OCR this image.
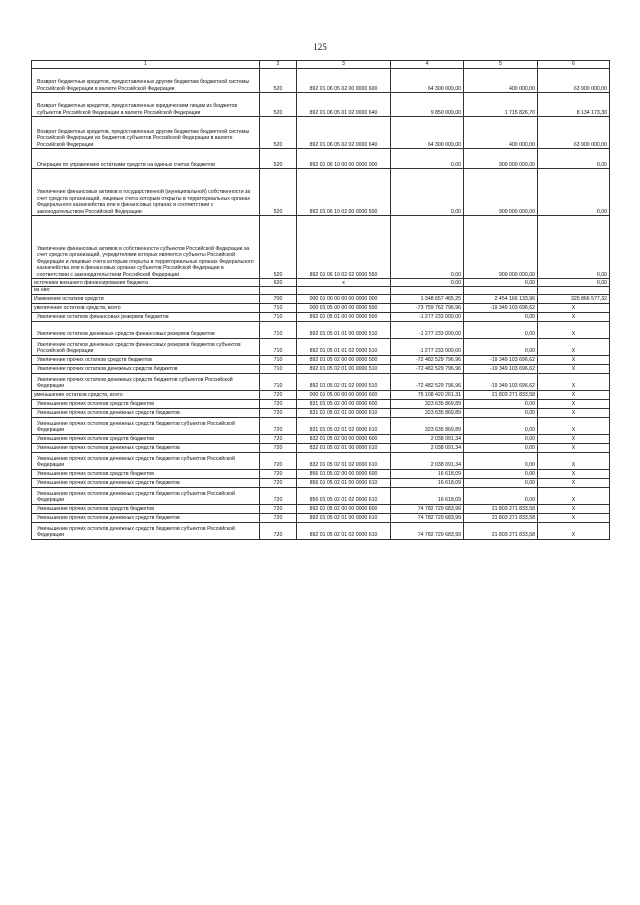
125
1	2	3	4	5	6
Возврат бюджетных кредитов, предоставленных другим бюджетам бюджетной системы Российской Федерации в валюте Российской Федерации	520	892 01 06 05 02 00 0000 600	64 300 000,00	400 000,00	63 900 000,00
Возврат бюджетных кредитов, предоставленных юридическим лицам из бюджетов субъектов Российской Федерации в валюте Российской Федерации	520	892 01 06 05 01 02 0000 640	9 850 000,00	1 715 826,70	8 134 173,30
Возврат бюджетных кредитов, предоставленных другим бюджетам бюджетной системы Российской Федерации из бюджетов субъектов Российской Федерации в валюте Российской Федерации	520	892 01 06 05 02 02 0000 640	64 300 000,00	400 000,00	63 900 000,00
Операции по управлению остатками средств на единых счетах бюджетов	520	892 01 06 10 00 00 0000 000	0,00	900 000 000,00	0,00
Увеличение финансовых активов в государственной (муниципальной) собственности за счет средств организаций, лицевые счета которым открыты в территориальных органах Федерального казначейства или в финансовых органах в соответствии с законодательством Российской Федерации	520	892 01 06 10 02 00 0000 500	0,00	900 000 000,00	0,00
Увеличение финансовых активов в собственности субъектов Российской Федерации за счет средств организаций, учредителями которых являются субъекты Российской Федерации и лицевые счета которым открыты в территориальных органах Федерального казначейства или в финансовых органах субъектов Российской Федерации в соответствии с законодательством Российской Федерации	520	892 01 06 10 02 02 0000 550	0,00	900 000 000,00	0,00
источники внешнего финансирования бюджета	620	x	0,00	0,00	0,00
из них:					
Изменение остатков средств	700	000 01 00 00 00 00 0000 000	1 348 657 465,25	2 454 166 133,96	325 866 577,32
увеличение остатков средств, всего	710	000 01 05 00 00 00 0000 500	-73 759 762 796,96	-19 349 103 696,62	X
Увеличение остатков финансовых резервов бюджетов	710	892 01 05 01 00 00 0000 500	-1 277 233 000,00	0,00	X
Увеличение остатков денежных средств финансовых резервов бюджетов	710	892 01 05 01 01 00 0000 510	-1 277 233 000,00	0,00	X
Увеличение остатков денежных средств финансовых резервов бюджетов субъектов Российской Федерации	710	892 01 05 01 01 02 0000 510	-1 277 233 000,00	0,00	X
Увеличение прочих остатков средств бюджетов	710	892 01 05 02 00 00 0000 500	-72 482 529 796,96	-19 349 103 696,62	X
Увеличение прочих остатков денежных средств бюджетов	710	892 01 05 02 01 00 0000 510	-72 482 529 796,96	-19 349 103 696,62	X
Увеличение прочих остатков денежных средств бюджетов субъектов Российской Федерации	710	892 01 05 02 01 02 0000 510	-72 482 529 796,96	-19 349 103 696,62	X
уменьшение остатков средств, всего	720	000 01 05 00 00 00 0000 600	75 108 420 261,31	21 803 271 833,58	X
Уменьшение прочих остатков средств бюджетов	720	831 01 05 02 00 00 0000 600	323 635 869,89	0,00	X
Уменьшение прочих остатков денежных средств бюджетов	720	831 01 05 02 01 00 0000 610	323 635 869,89	0,00	X
Уменьшение прочих остатков денежных средств бюджетов субъектов Российской Федерации	720	831 01 05 02 01 02 0000 610	323 635 869,89	0,00	X
Уменьшение прочих остатков средств бюджетов	720	832 01 05 02 00 00 0000 600	2 038 091,34	0,00	X
Уменьшение прочих остатков денежных средств бюджетов	720	832 01 05 02 01 00 0000 610	2 038 091,34	0,00	X
Уменьшение прочих остатков денежных средств бюджетов субъектов Российской Федерации	720	832 01 05 02 01 02 0000 610	2 038 091,34	0,00	X
Уменьшение прочих остатков средств бюджетов	720	856 01 05 02 00 00 0000 600	16 618,09	0,00	X
Уменьшение прочих остатков денежных средств бюджетов	720	856 01 05 02 01 00 0000 610	16 618,09	0,00	X
Уменьшение прочих остатков денежных средств бюджетов субъектов Российской Федерации	720	856 01 05 02 01 02 0000 610	16 618,09	0,00	X
Уменьшение прочих остатков средств бюджетов	720	892 01 05 02 00 00 0000 600	74 782 729 683,99	21 803 271 833,58	X
Уменьшение прочих остатков денежных средств бюджетов	720	892 01 05 02 01 00 0000 610	74 782 729 683,99	21 803 271 833,58	X
Уменьшение прочих остатков денежных средств бюджетов субъектов Российской Федерации	720	892 01 05 02 01 02 0000 610	74 782 729 683,99	21 803 271 833,58	X
